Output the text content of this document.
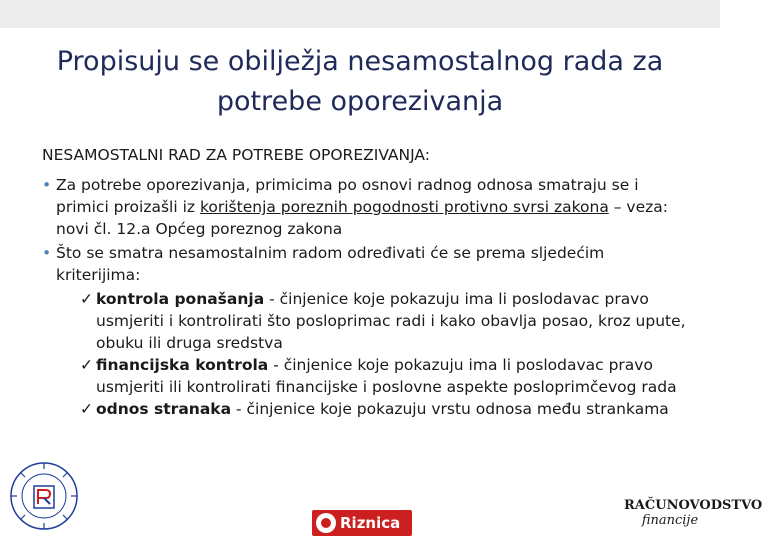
Propisuju se obilježja nesamostalnog rada za
potrebe oporezivanja
NESAMOSTALNI RAD ZA POTREBE OPOREZIVANJA:
• Za potrebe oporezivanja, primicima po osnovi radnog odnosa smatraju se i primici proizašli iz korištenja poreznih pogodnosti protivno svrsi zakona – veza: novi čl. 12.a Općeg poreznog zakona
• Što se smatra nesamostalnim radom određivati će se prema sljedećim kriterijima:
✓ kontrola ponašanja - činjenice koje pokazuju ima li poslodavac pravo usmjeriti i kontrolirati što posloprimac radi i kako obavlja posao, kroz upute, obuku ili druga sredstva
✓ financijska kontrola - činjenice koje pokazuju ima li poslodavac pravo usmjeriti ili kontrolirati financijske i poslovne aspekte posloprimčevog rada
✓ odnos stranaka - činjenice koje pokazuju vrstu odnosa među strankama
Riznica
RAČUNOVODSTVO
financije
